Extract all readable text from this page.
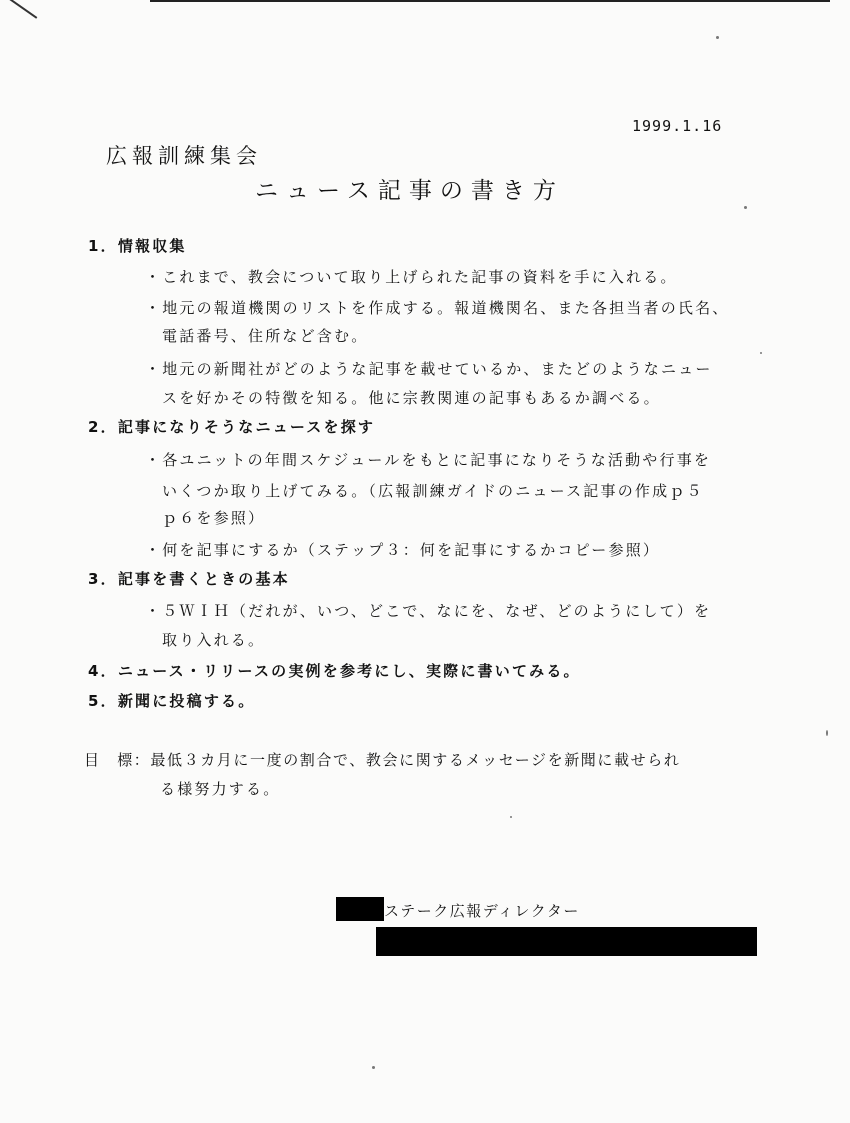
1999.1.16
広報訓練集会
ニュース記事の書き方
1．情報収集
・これまで、教会について取り上げられた記事の資料を手に入れる。
・地元の報道機関のリストを作成する。報道機関名、また各担当者の氏名、
電話番号、住所など含む。
・地元の新聞社がどのような記事を載せているか、またどのようなニュー
スを好かその特徴を知る。他に宗教関連の記事もあるか調べる。
2．記事になりそうなニュースを探す
・各ユニットの年間スケジュールをもとに記事になりそうな活動や行事を
いくつか取り上げてみる。（広報訓練ガイドのニュース記事の作成ｐ５
ｐ６を参照）
・何を記事にするか（ステップ３：何を記事にするかコピー参照）
3．記事を書くときの基本
・５ＷＩＨ（だれが、いつ、どこで、なにを、なぜ、どのようにして）を
取り入れる。
4．ニュース・リリースの実例を参考にし、実際に書いてみる。
5．新聞に投稿する。
目　標：最低３カ月に一度の割合で、教会に関するメッセージを新聞に載せられ
る様努力する。
ステーク広報ディレクター
